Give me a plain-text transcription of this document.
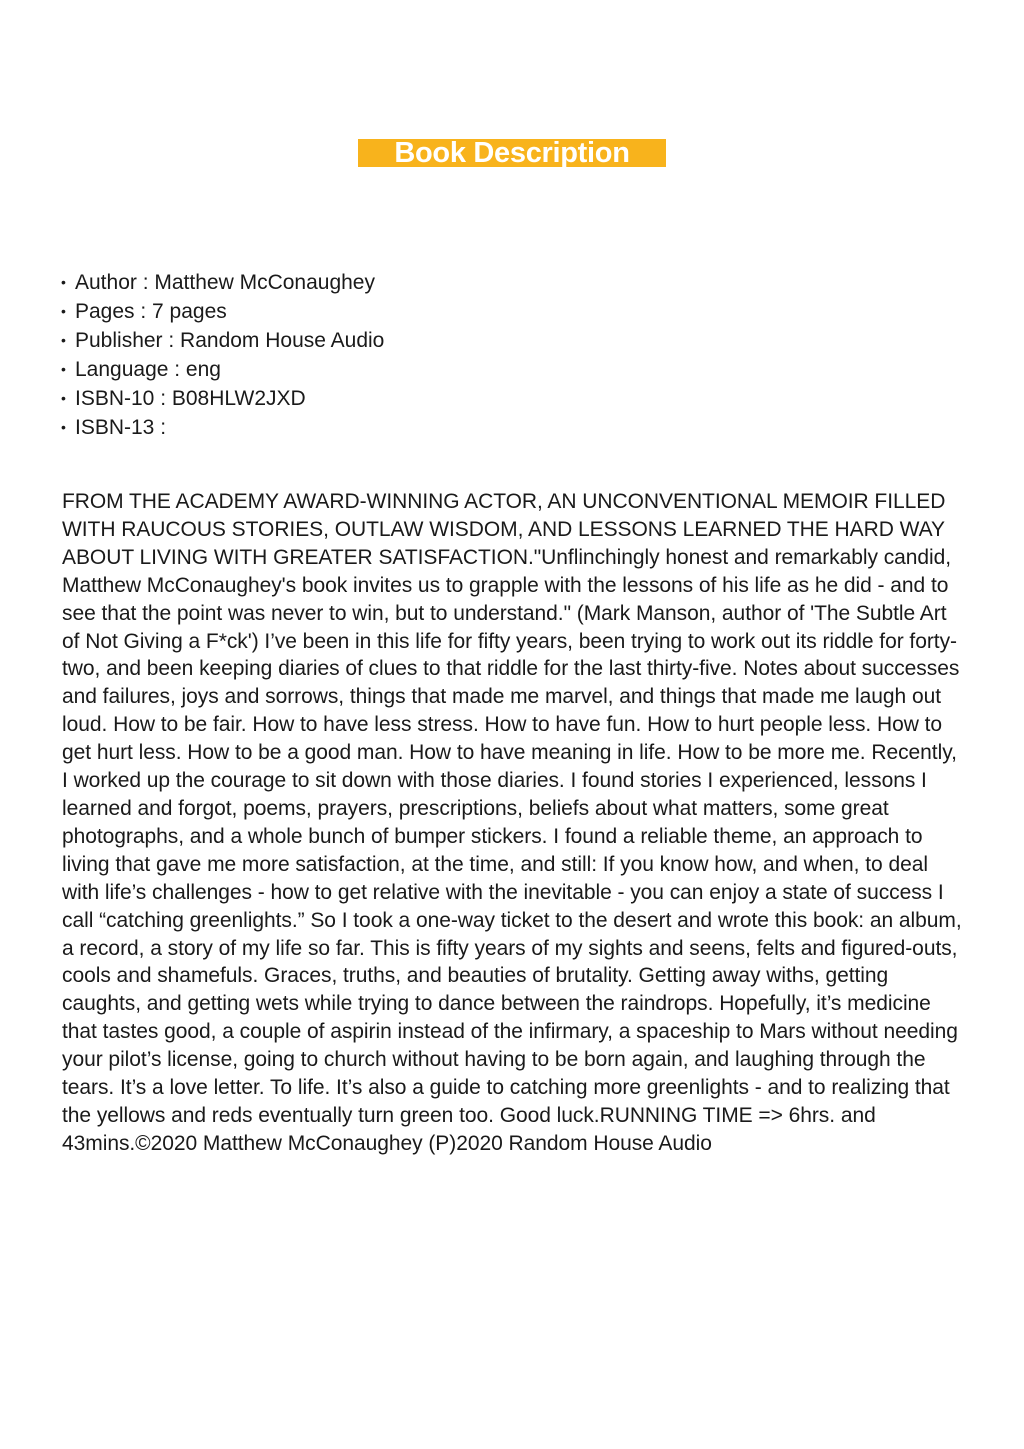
Book Description
• Author : Matthew McConaughey
• Pages : 7 pages
• Publisher : Random House Audio
• Language : eng
• ISBN-10 : B08HLW2JXD
• ISBN-13 :

FROM THE ACADEMY AWARD-WINNING ACTOR, AN UNCONVENTIONAL MEMOIR FILLED WITH RAUCOUS STORIES, OUTLAW WISDOM, AND LESSONS LEARNED THE HARD WAY ABOUT LIVING WITH GREATER SATISFACTION."Unflinchingly honest and remarkably candid, Matthew McConaughey's book invites us to grapple with the lessons of his life as he did - and to see that the point was never to win, but to understand." (Mark Manson, author of 'The Subtle Art of Not Giving a F*ck') I’ve been in this life for fifty years, been trying to work out its riddle for forty-two, and been keeping diaries of clues to that riddle for the last thirty-five. Notes about successes and failures, joys and sorrows, things that made me marvel, and things that made me laugh out loud. How to be fair. How to have less stress. How to have fun. How to hurt people less. How to get hurt less. How to be a good man. How to have meaning in life. How to be more me. Recently, I worked up the courage to sit down with those diaries. I found stories I experienced, lessons I learned and forgot, poems, prayers, prescriptions, beliefs about what matters, some great photographs, and a whole bunch of bumper stickers. I found a reliable theme, an approach to living that gave me more satisfaction, at the time, and still: If you know how, and when, to deal with life’s challenges - how to get relative with the inevitable - you can enjoy a state of success I call “catching greenlights.” So I took a one-way ticket to the desert and wrote this book: an album, a record, a story of my life so far. This is fifty years of my sights and seens, felts and figured-outs, cools and shamefuls. Graces, truths, and beauties of brutality. Getting away withs, getting caughts, and getting wets while trying to dance between the raindrops. Hopefully, it’s medicine that tastes good, a couple of aspirin instead of the infirmary, a spaceship to Mars without needing your pilot’s license, going to church without having to be born again, and laughing through the tears. It’s a love letter. To life. It’s also a guide to catching more greenlights - and to realizing that the yellows and reds eventually turn green too. Good luck.RUNNING TIME => 6hrs. and 43mins.©2020 Matthew McConaughey (P)2020 Random House Audio
